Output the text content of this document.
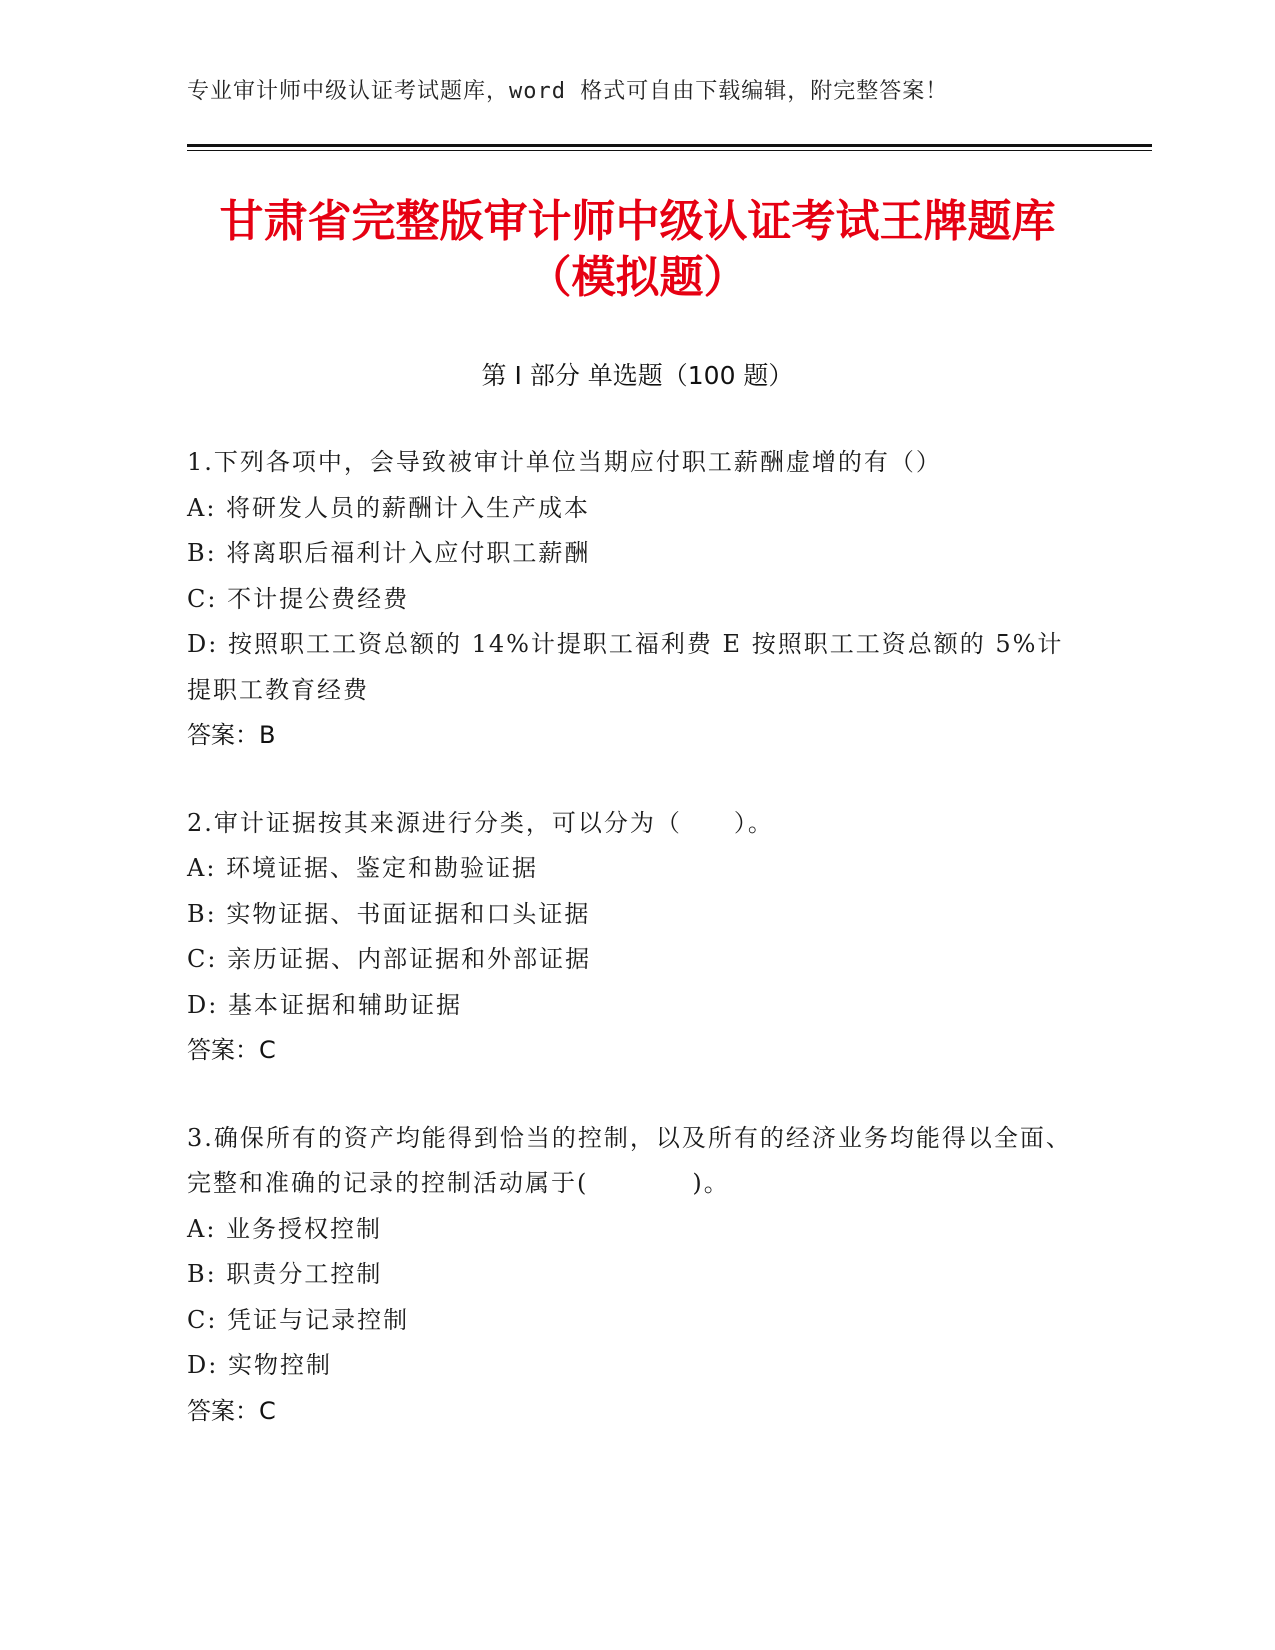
专业审计师中级认证考试题库，word 格式可自由下载编辑，附完整答案！
甘肃省完整版审计师中级认证考试王牌题库
（模拟题）
第 I 部分 单选题（100 题）
1.下列各项中，会导致被审计单位当期应付职工薪酬虚增的有（）
A: 将研发人员的薪酬计入生产成本
B: 将离职后福利计入应付职工薪酬
C: 不计提公费经费
D: 按照职工工资总额的 14%计提职工福利费 E 按照职工工资总额的 5%计提职工教育经费
答案：B
2.审计证据按其来源进行分类，可以分为（　　）。
A: 环境证据、鉴定和勘验证据
B: 实物证据、书面证据和口头证据
C: 亲历证据、内部证据和外部证据
D: 基本证据和辅助证据
答案：C
3.确保所有的资产均能得到恰当的控制，以及所有的经济业务均能得以全面、完整和准确的记录的控制活动属于(　　　　)。
A: 业务授权控制
B: 职责分工控制
C: 凭证与记录控制
D: 实物控制
答案：C
